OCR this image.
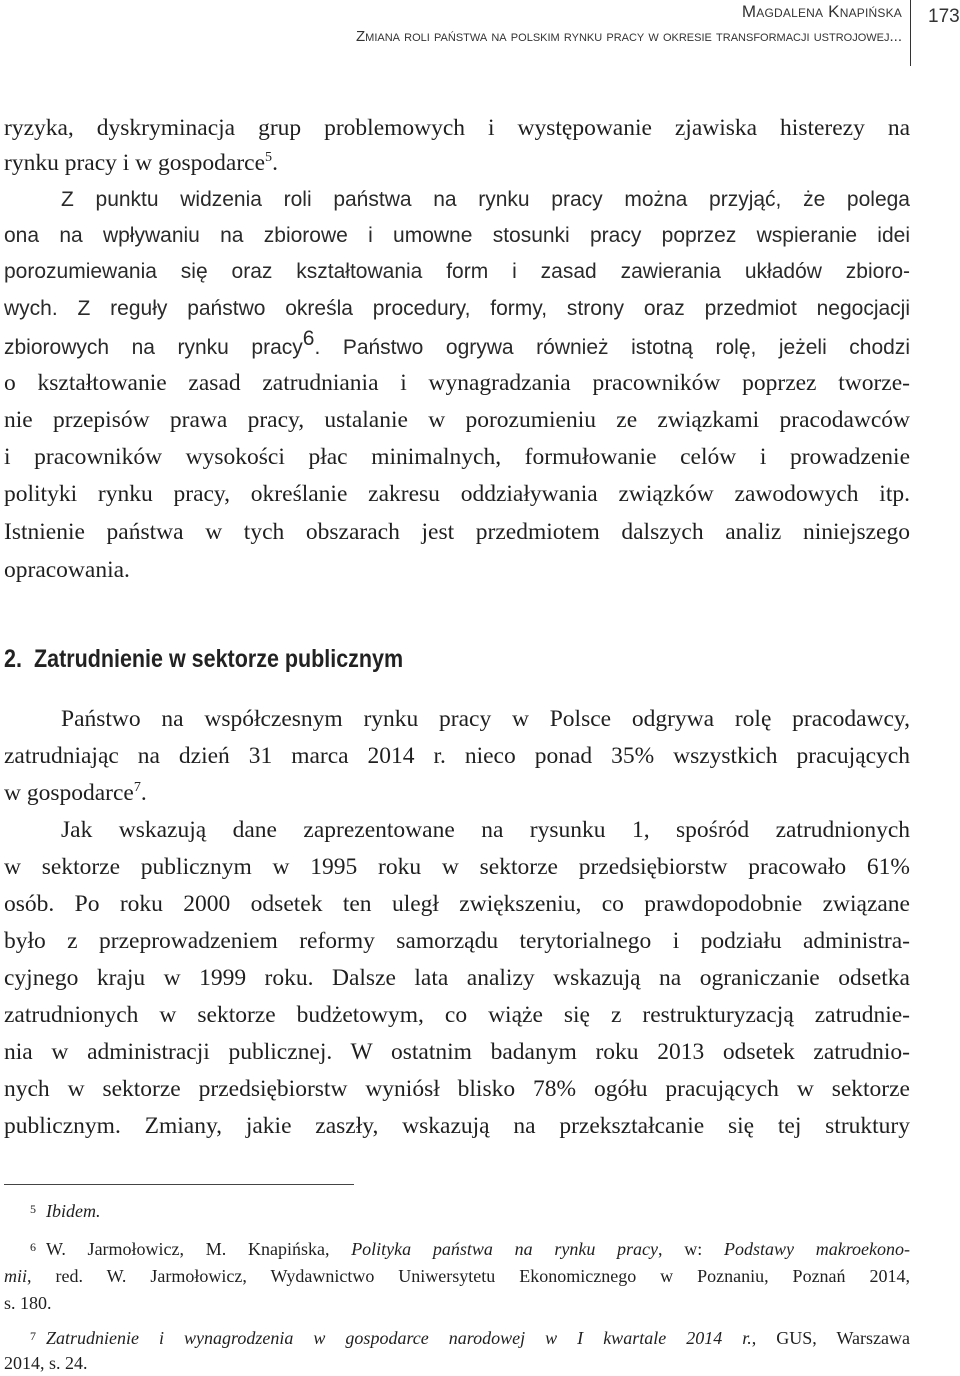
Magdalena Knapińska
Zmiana roli państwa na polskim rynku pracy w okresie transformacji ustrojowej...
173
ryzyka, dyskryminacja grup problemowych i występowanie zjawiska histerezy na
rynku pracy i w gospodarce$^5$.
Z punktu widzenia roli państwa na rynku pracy można przyjąć, że polega
ona na wpływaniu na zbiorowe i umowne stosunki pracy poprzez wspieranie idei
porozumiewania się oraz kształtowania form i zasad zawierania układów zbioro-
wych. Z reguły państwo określa procedury, formy, strony oraz przedmiot negocjacji
zbiorowych na rynku pracy$^6$. Państwo ogrywa również istotną rolę, jeżeli chodzi
o kształtowanie zasad zatrudniania i wynagradzania pracowników poprzez tworze-
nie przepisów prawa pracy, ustalanie w porozumieniu ze związkami pracodawców
i pracowników wysokości płac minimalnych, formułowanie celów i prowadzenie
polityki rynku pracy, określanie zakresu oddziaływania związków zawodowych itp.
Istnienie państwa w tych obszarach jest przedmiotem dalszych analiz niniejszego
opracowania.
2. Zatrudnienie w sektorze publicznym
Państwo na współczesnym rynku pracy w Polsce odgrywa rolę pracodawcy,
zatrudniając na dzień 31 marca 2014 r. nieco ponad 35% wszystkich pracujących
w gospodarce$^7$.
Jak wskazują dane zaprezentowane na rysunku 1, spośród zatrudnionych
w sektorze publicznym w 1995 roku w sektorze przedsiębiorstw pracowało 61%
osób. Po roku 2000 odsetek ten uległ zwiększeniu, co prawdopodobnie związane
było z przeprowadzeniem reformy samorządu terytorialnego i podziału administra-
cyjnego kraju w 1999 roku. Dalsze lata analizy wskazują na ograniczanie odsetka
zatrudnionych w sektorze budżetowym, co wiąże się z restrukturyzacją zatrudnie-
nia w administracji publicznej. W ostatnim badanym roku 2013 odsetek zatrudnio-
nych w sektorze przedsiębiorstw wyniósł blisko 78% ogółu pracujących w sektorze
publicznym. Zmiany, jakie zaszły, wskazują na przekształcanie się tej struktury
$^5$ Ibidem.
$^6$ W. Jarmołowicz, M. Knapińska, Polityka państwa na rynku pracy, w: Podstawy makroekono-
mii, red. W. Jarmołowicz, Wydawnictwo Uniwersytetu Ekonomicznego w Poznaniu, Poznań 2014,
s. 180.
$^7$ Zatrudnienie i wynagrodzenia w gospodarce narodowej w I kwartale 2014 r., GUS, Warszawa
2014, s. 24.
